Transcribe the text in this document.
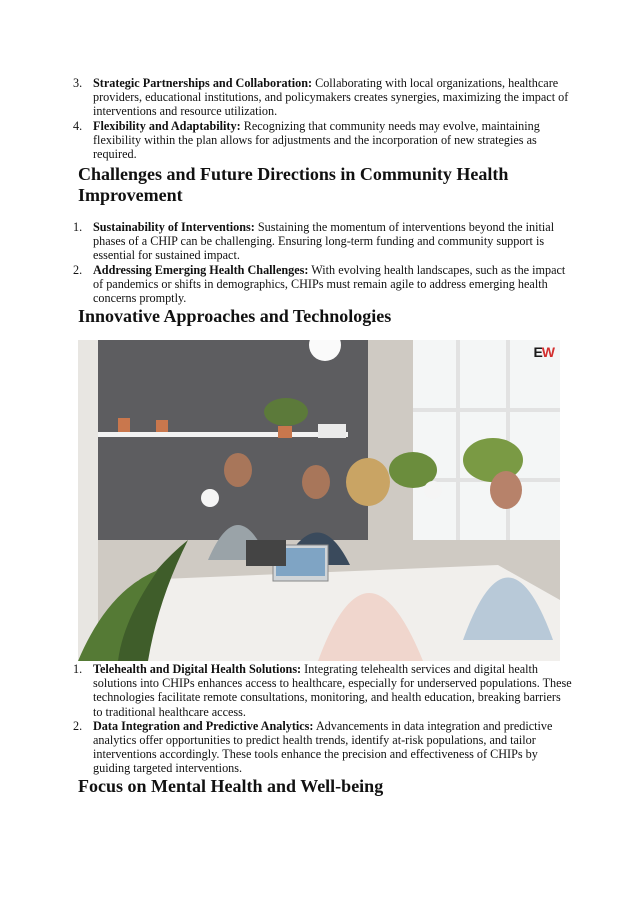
3. Strategic Partnerships and Collaboration: Collaborating with local organizations, healthcare providers, educational institutions, and policymakers creates synergies, maximizing the impact of interventions and resource utilization.
4. Flexibility and Adaptability: Recognizing that community needs may evolve, maintaining flexibility within the plan allows for adjustments and the incorporation of new strategies as required.
Challenges and Future Directions in Community Health Improvement
1. Sustainability of Interventions: Sustaining the momentum of interventions beyond the initial phases of a CHIP can be challenging. Ensuring long-term funding and community support is essential for sustained impact.
2. Addressing Emerging Health Challenges: With evolving health landscapes, such as the impact of pandemics or shifts in demographics, CHIPs must remain agile to address emerging health concerns promptly.
Innovative Approaches and Technologies
EW
1. Telehealth and Digital Health Solutions: Integrating telehealth services and digital health solutions into CHIPs enhances access to healthcare, especially for underserved populations. These technologies facilitate remote consultations, monitoring, and health education, breaking barriers to traditional healthcare access.
2. Data Integration and Predictive Analytics: Advancements in data integration and predictive analytics offer opportunities to predict health trends, identify at-risk populations, and tailor interventions accordingly. These tools enhance the precision and effectiveness of CHIPs by guiding targeted interventions.
Focus on Mental Health and Well-being
